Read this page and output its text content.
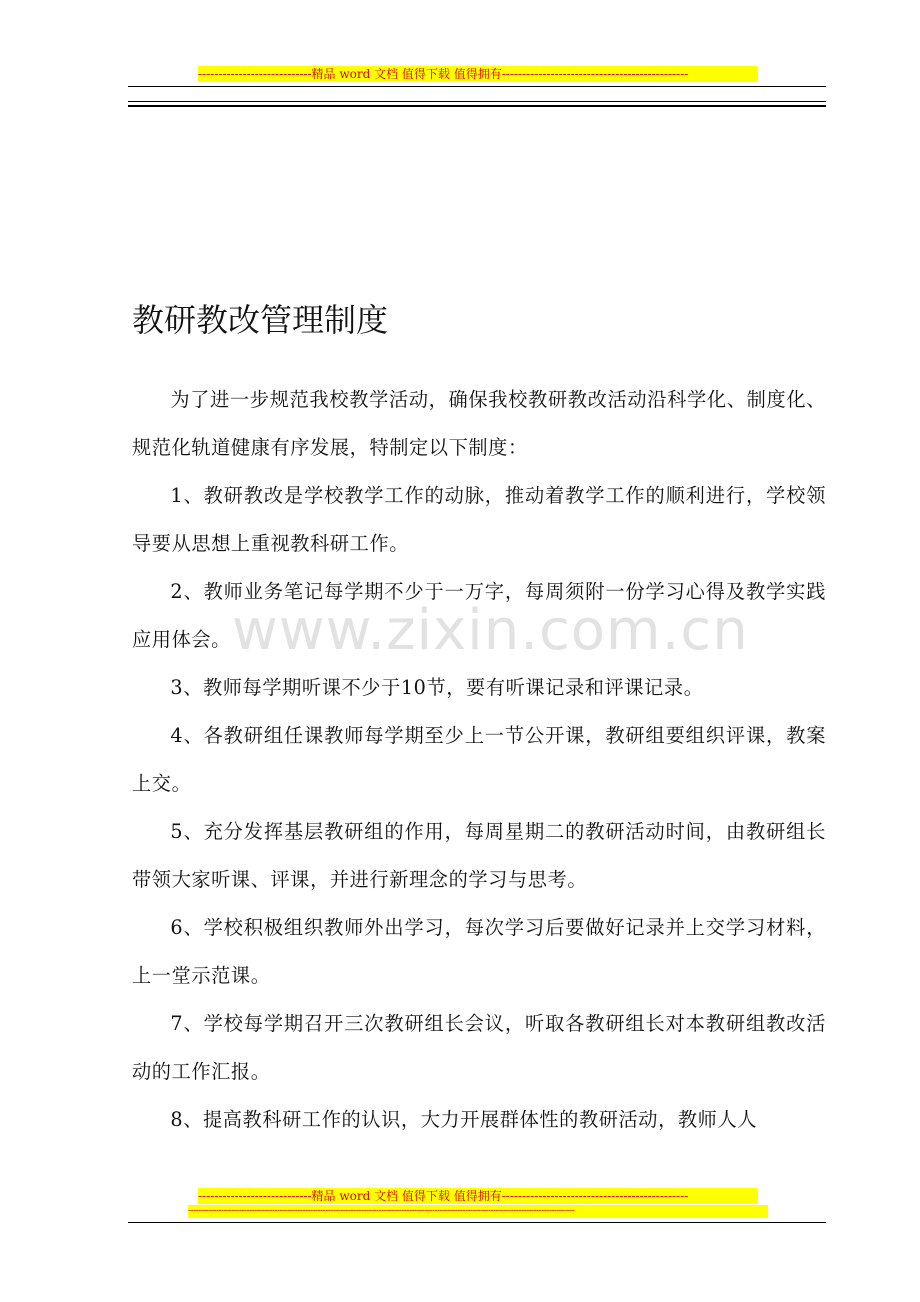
----------------------------精品 word 文档 值得下载 值得拥有----------------------------------------------
www.zixin.com.cn
教研教改管理制度

为了进一步规范我校教学活动，确保我校教研教改活动沿科学化、制度化、规范化轨道健康有序发展，特制定以下制度：

1、教研教改是学校教学工作的动脉，推动着教学工作的顺利进行，学校领导要从思想上重视教科研工作。

2、教师业务笔记每学期不少于一万字，每周须附一份学习心得及教学实践应用体会。

3、教师每学期听课不少于10节，要有听课记录和评课记录。

4、各教研组任课教师每学期至少上一节公开课，教研组要组织评课，教案上交。

5、充分发挥基层教研组的作用，每周星期二的教研活动时间，由教研组长带领大家听课、评课，并进行新理念的学习与思考。

6、学校积极组织教师外出学习，每次学习后要做好记录并上交学习材料，上一堂示范课。

7、学校每学期召开三次教研组长会议，听取各教研组长对本教研组教改活动的工作汇报。

8、提高教科研工作的认识，大力开展群体性的教研活动，教师人人

----------------------------精品 word 文档 值得下载 值得拥有----------------------------------------------
--------------------------------------------------------------------------------------------------------------------------------------------------------
